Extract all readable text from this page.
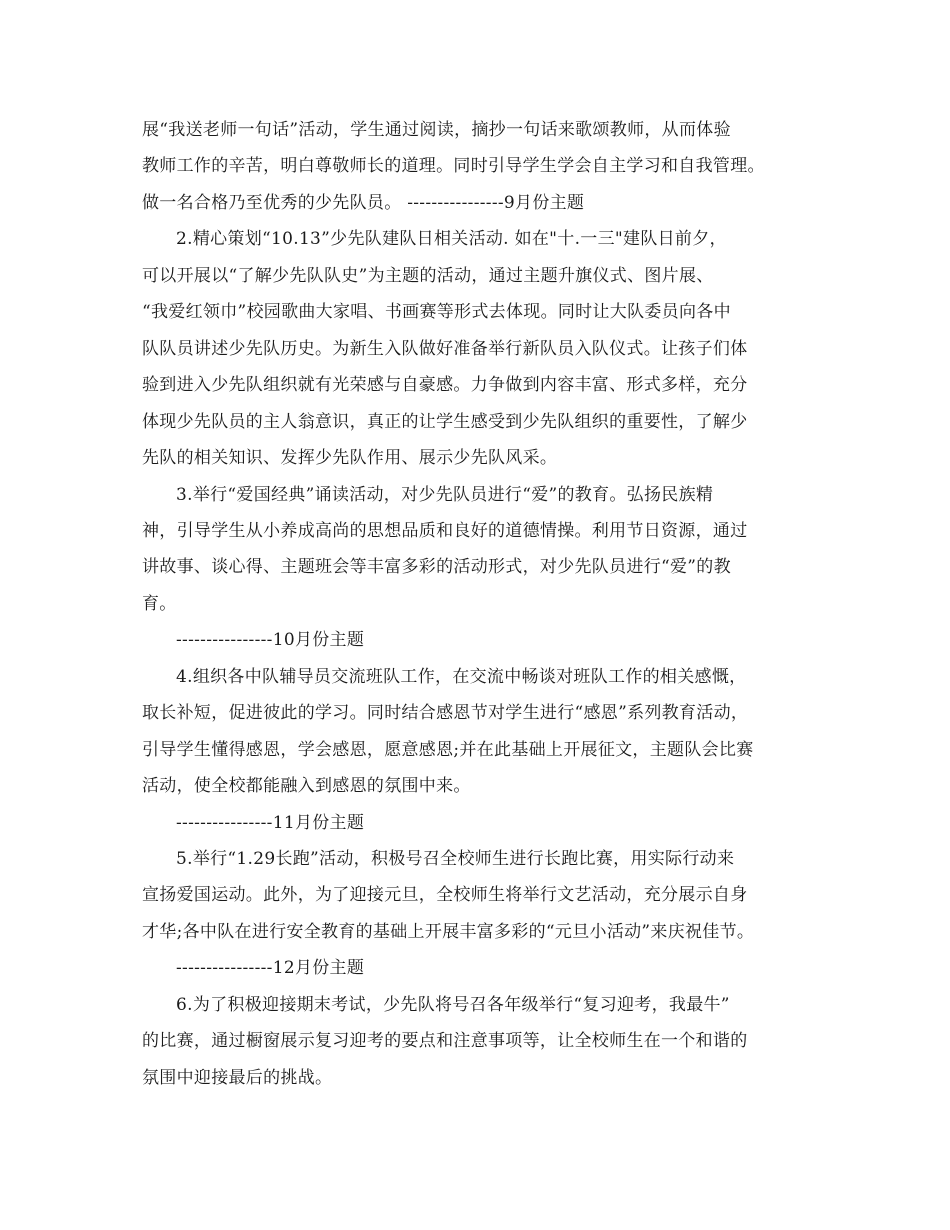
展“我送老师一句话”活动，学生通过阅读，摘抄一句话来歌颂教师，从而体验
教师工作的辛苦，明白尊敬师长的道理。同时引导学生学会自主学习和自我管理。
做一名合格乃至优秀的少先队员。 ----------------9月份主题
2.精心策划“10.13”少先队建队日相关活动. 如在"十.一三"建队日前夕，
可以开展以“了解少先队队史”为主题的活动，通过主题升旗仪式、图片展、
“我爱红领巾”校园歌曲大家唱、书画赛等形式去体现。同时让大队委员向各中
队队员讲述少先队历史。为新生入队做好准备举行新队员入队仪式。让孩子们体
验到进入少先队组织就有光荣感与自豪感。力争做到内容丰富、形式多样，充分
体现少先队员的主人翁意识，真正的让学生感受到少先队组织的重要性，了解少
先队的相关知识、发挥少先队作用、展示少先队风采。
3.举行“爱国经典”诵读活动，对少先队员进行“爱”的教育。弘扬民族精
神，引导学生从小养成高尚的思想品质和良好的道德情操。利用节日资源，通过
讲故事、谈心得、主题班会等丰富多彩的活动形式，对少先队员进行“爱”的教
育。
----------------10月份主题
4.组织各中队辅导员交流班队工作，在交流中畅谈对班队工作的相关感慨，
取长补短，促进彼此的学习。同时结合感恩节对学生进行“感恩”系列教育活动，
引导学生懂得感恩，学会感恩，愿意感恩;并在此基础上开展征文，主题队会比赛
活动，使全校都能融入到感恩的氛围中来。
----------------11月份主题
5.举行“1.29长跑”活动，积极号召全校师生进行长跑比赛，用实际行动来
宣扬爱国运动。此外，为了迎接元旦，全校师生将举行文艺活动，充分展示自身
才华;各中队在进行安全教育的基础上开展丰富多彩的“元旦小活动”来庆祝佳节。
----------------12月份主题
6.为了积极迎接期末考试，少先队将号召各年级举行“复习迎考，我最牛”
的比赛，通过橱窗展示复习迎考的要点和注意事项等，让全校师生在一个和谐的
氛围中迎接最后的挑战。
